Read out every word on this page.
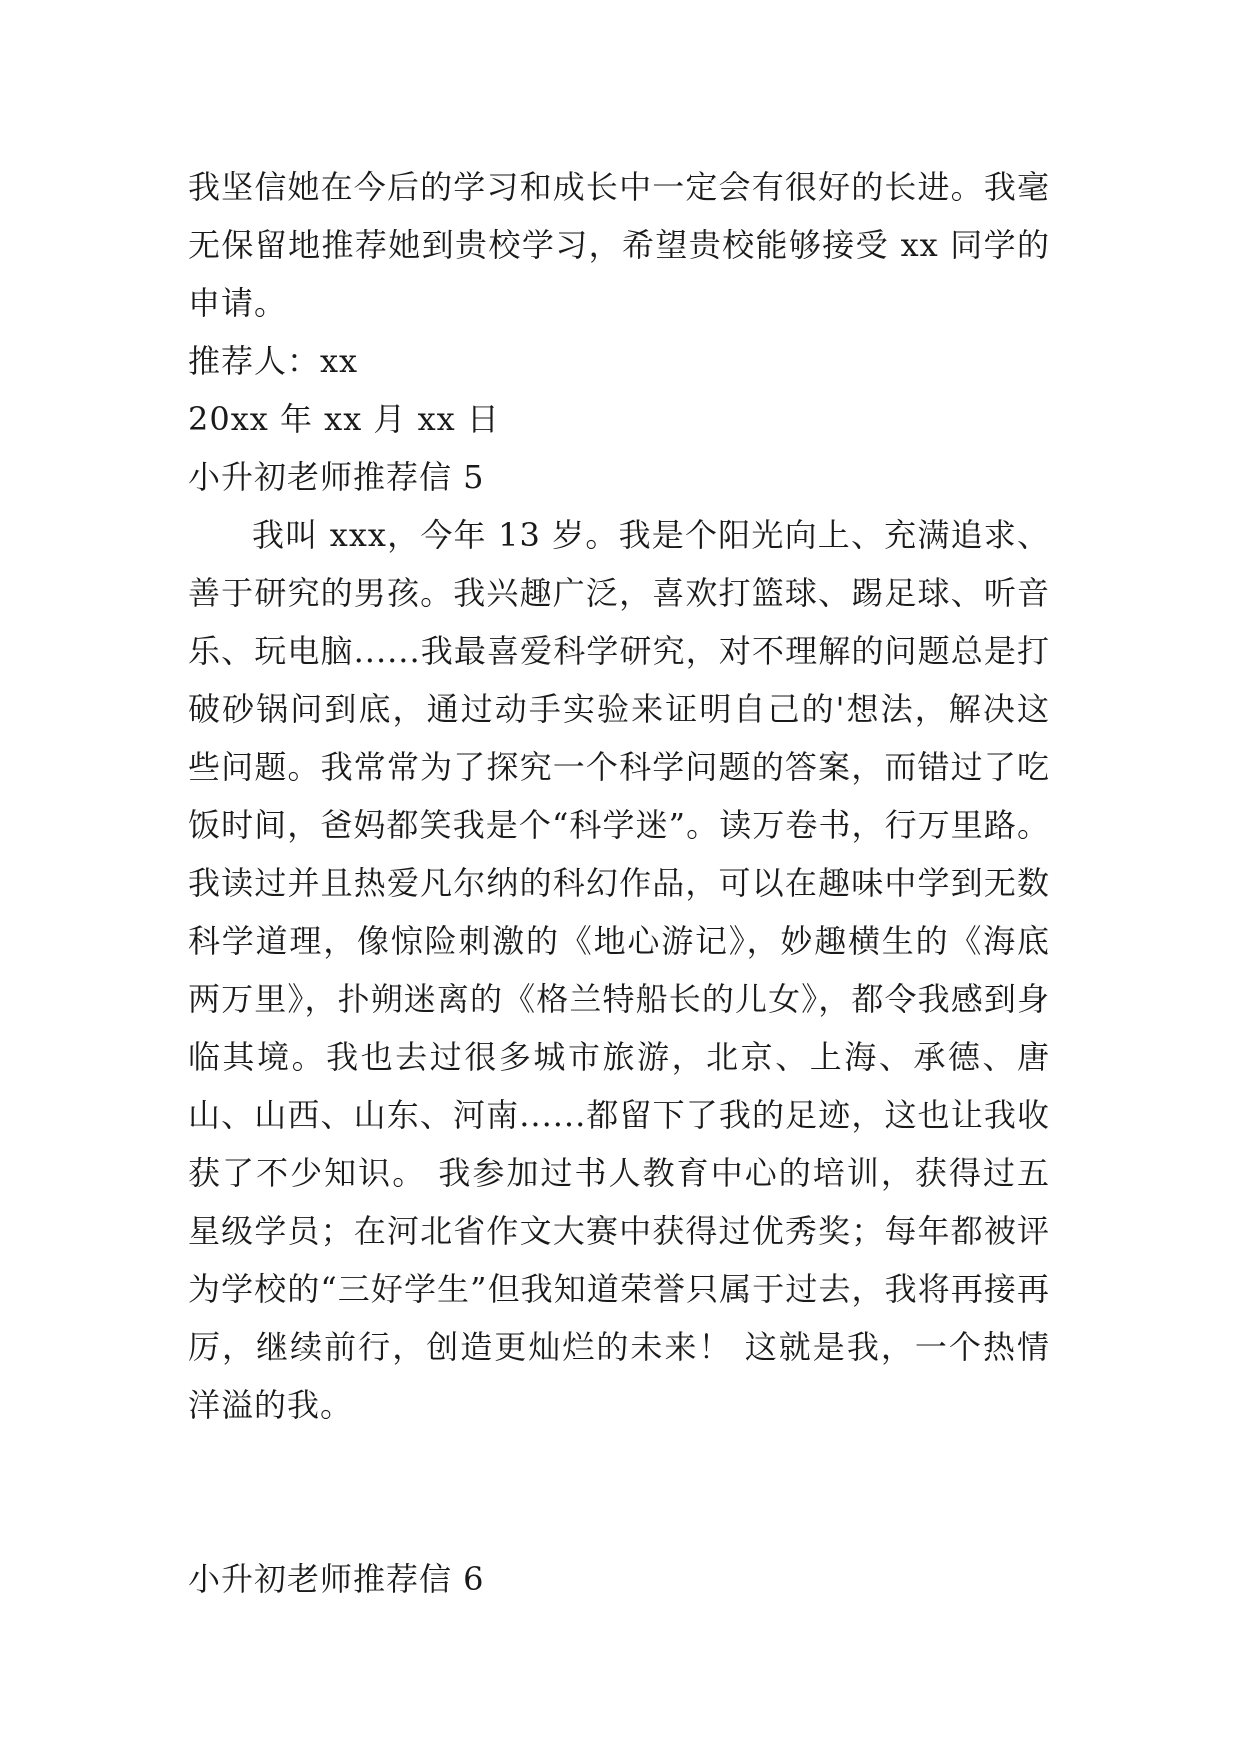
我坚信她在今后的学习和成长中一定会有很好的长进。我毫无保留地推荐她到贵校学习，希望贵校能够接受 xx 同学的申请。

推荐人：xx

20xx 年 xx 月 xx 日

小升初老师推荐信 5

我叫 xxx，今年 13 岁。我是个阳光向上、充满追求、善于研究的男孩。我兴趣广泛，喜欢打篮球、踢足球、听音乐、玩电脑......我最喜爱科学研究，对不理解的问题总是打破砂锅问到底，通过动手实验来证明自己的'想法，解决这些问题。我常常为了探究一个科学问题的答案，而错过了吃饭时间，爸妈都笑我是个“科学迷”。读万卷书，行万里路。我读过并且热爱凡尔纳的科幻作品，可以在趣味中学到无数科学道理，像惊险刺激的《地心游记》，妙趣横生的《海底两万里》，扑朔迷离的《格兰特船长的儿女》，都令我感到身临其境。我也去过很多城市旅游，北京、上海、承德、唐山、山西、山东、河南......都留下了我的足迹，这也让我收获了不少知识。 我参加过书人教育中心的培训，获得过五星级学员；在河北省作文大赛中获得过优秀奖；每年都被评为学校的“三好学生”但我知道荣誉只属于过去，我将再接再厉，继续前行，创造更灿烂的未来！ 这就是我，一个热情洋溢的我。

小升初老师推荐信 6
